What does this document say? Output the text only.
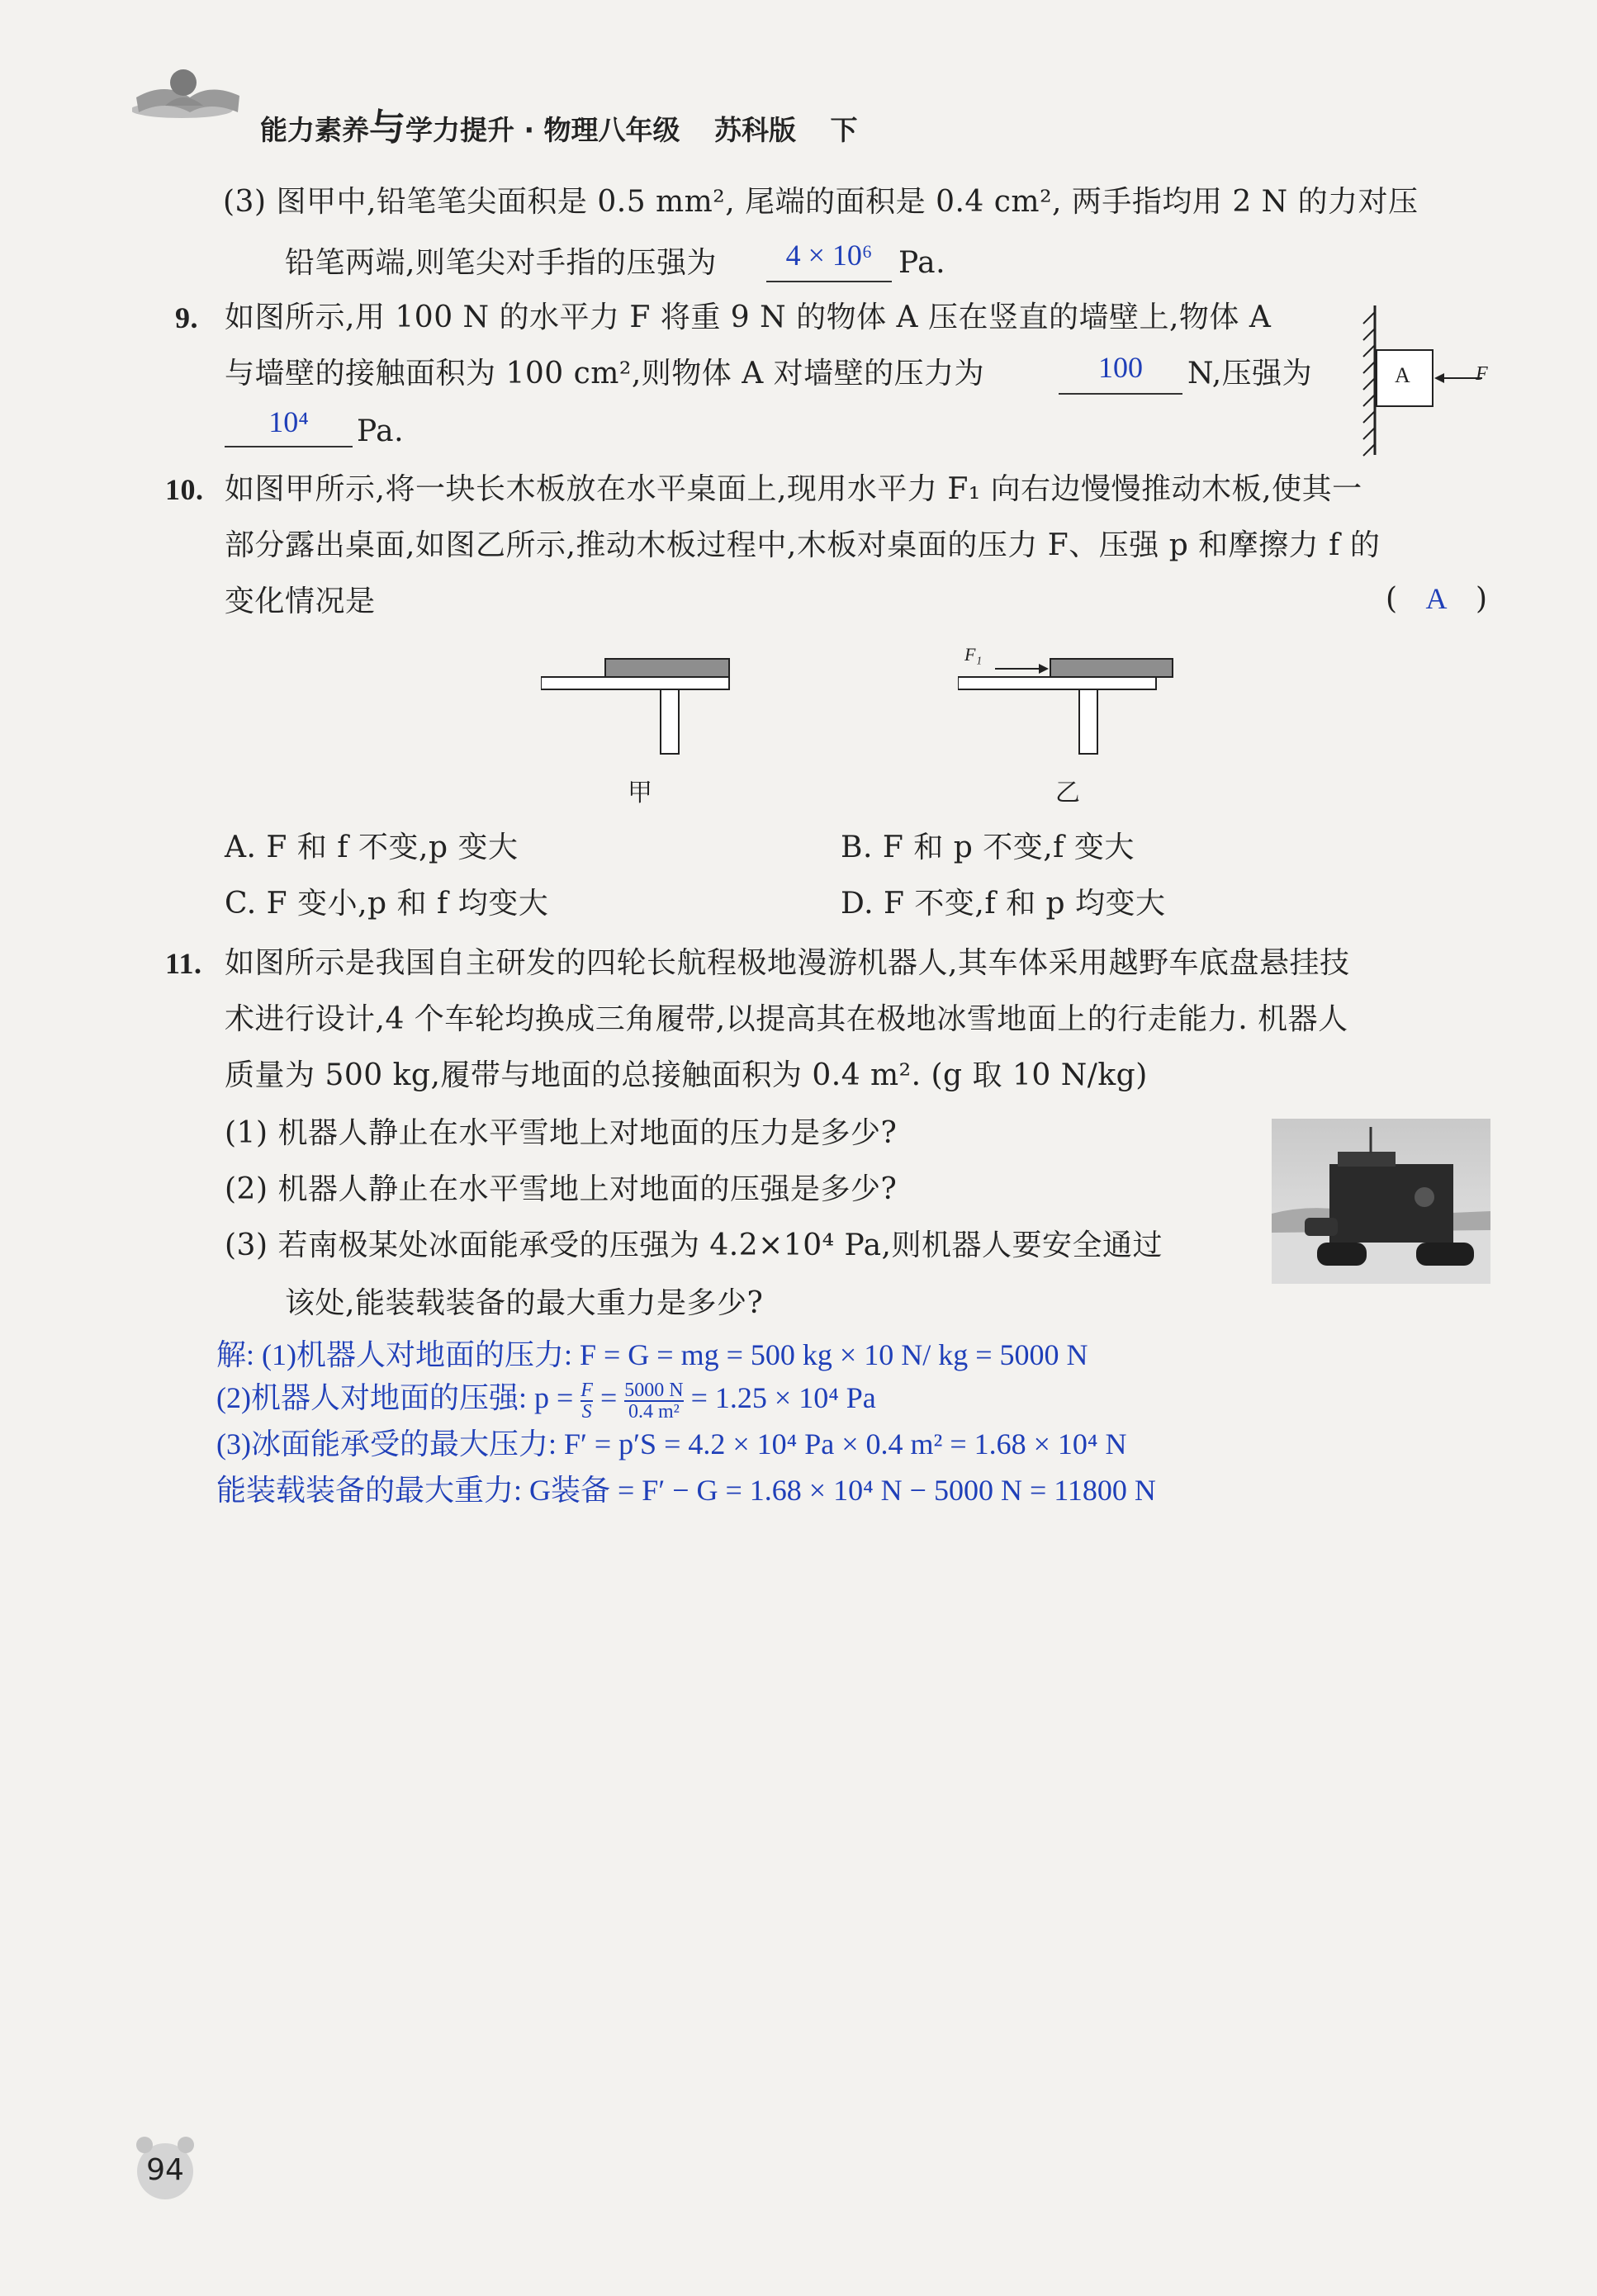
能力素养与学力提升 · 物理八年级 苏科版 下
(3) 图甲中,铅笔笔尖面积是 0.5 mm², 尾端的面积是 0.4 cm², 两手指均用 2 N 的力对压
铅笔两端,则笔尖对手指的压强为	4 × 10⁶ Pa.
9. 如图所示,用 100 N 的水平力 F 将重 9 N 的物体 A 压在竖直的墙壁上,物体 A
与墙壁的接触面积为 100 cm²,则物体 A 对墙壁的压力为	100	N,压强为
10⁴	Pa.
A	F
10. 如图甲所示,将一块长木板放在水平桌面上,现用水平力 F₁ 向右边慢慢推动木板,使其一
部分露出桌面,如图乙所示,推动木板过程中,木板对桌面的压力 F、压强 p 和摩擦力 f 的
变化情况是	( A )
甲
F₁
乙
A. F 和 f 不变,p 变大	B. F 和 p 不变,f 变大
C. F 变小,p 和 f 均变大	D. F 不变,f 和 p 均变大
11. 如图所示是我国自主研发的四轮长航程极地漫游机器人,其车体采用越野车底盘悬挂技
术进行设计,4 个车轮均换成三角履带,以提高其在极地冰雪地面上的行走能力. 机器人
质量为 500 kg,履带与地面的总接触面积为 0.4 m². (g 取 10 N/kg)
(1) 机器人静止在水平雪地上对地面的压力是多少?
(2) 机器人静止在水平雪地上对地面的压强是多少?
(3) 若南极某处冰面能承受的压强为 4.2×10⁴ Pa,则机器人要安全通过
该处,能装载装备的最大重力是多少?
解: (1)机器人对地面的压力: F = G = mg = 500 kg × 10 N/ kg = 5000 N
(2)机器人对地面的压强: $p = \frac{F}{S} = \frac{5000 N}{\text{0.4 m²}} = 1.25 \times 10^4$ Pa
(3)冰面能承受的最大压力: F′ = p′S = 4.2 × 10⁴ Pa × 0.4 m² = 1.68 × 10⁴ N
能装载装备的最大重力: G装备 = F′ − G = 1.68 × 10⁴ N − 5000 N = 11800 N
94
